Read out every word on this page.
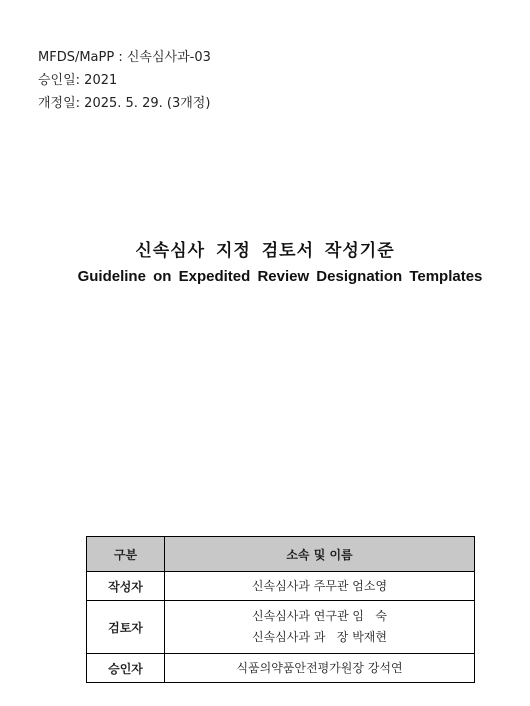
MFDS/MaPP : 신속심사과-03
승인일: 2021
개정일: 2025. 5. 29. (3개정)
신속심사 지정 검토서 작성기준
Guideline on Expedited Review Designation Templates
구분	소속 및 이름
작성자	신속심사과 주무관 엄소영

검토자	신속심사과 연구관 임   숙
신속심사과 과   장 박재현

승인자	식품의약품안전평가원장 강석연
